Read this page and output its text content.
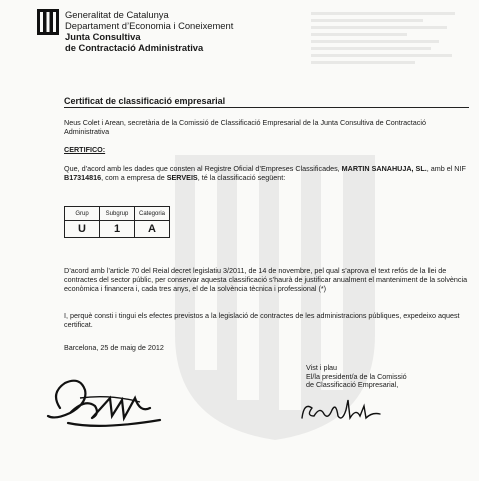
Generalitat de Catalunya
Departament d’Economia i Coneixement
Junta Consultiva
de Contractació Administrativa
Certificat de classificació empresarial
Neus Colet i Arean, secretària de la Comissió de Classificació Empresarial de la Junta Consultiva de Contractació Administrativa
CERTIFICO:
Que, d’acord amb les dades que consten al Registre Oficial d’Empreses Classificades, MARTIN SANAHUJA, SL., amb el NIF B17314816, com a empresa de SERVEIS, té la classificació següent:
Grup	Subgrup	Categoria
U	1	A
D’acord amb l’article 70 del Reial decret legislatiu 3/2011, de 14 de novembre, pel qual s’aprova el text refós de la llei de contractes del sector públic, per conservar aquesta classificació s’haurà de justificar anualment el manteniment de la solvència econòmica i financera i, cada tres anys, el de la solvència tècnica i professional (*)
I, perquè consti i tingui els efectes previstos a la legislació de contractes de les administracions públiques, expedeixo aquest certificat.
Barcelona, 25 de maig de 2012
Vist i plau
El/la president/a de la Comissió
de Classificació Empresarial,
